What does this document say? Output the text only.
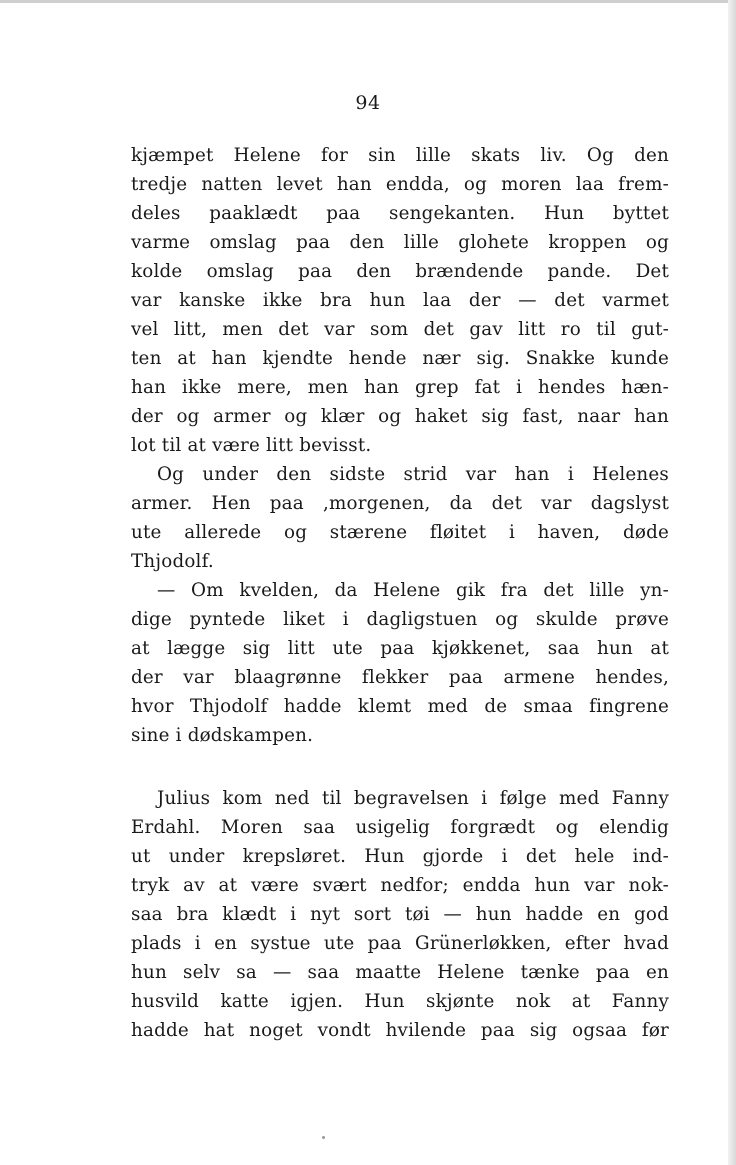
94

kjæmpet Helene for sin lille skats liv. Og den
tredje natten levet han endda, og moren laa frem-
deles paaklædt paa sengekanten. Hun byttet
varme omslag paa den lille glohete kroppen og
kolde omslag paa den brændende pande. Det
var kanske ikke bra hun laa der — det varmet
vel litt, men det var som det gav litt ro til gut-
ten at han kjendte hende nær sig. Snakke kunde
han ikke mere, men han grep fat i hendes hæn-
der og armer og klær og haket sig fast, naar han
lot til at være litt bevisst.

Og under den sidste strid var han i Helenes
armer. Hen paa ,morgenen, da det var dagslyst
ute allerede og stærene fløitet i haven, døde
Thjodolf.

— Om kvelden, da Helene gik fra det lille yn-
dige pyntede liket i dagligstuen og skulde prøve
at lægge sig litt ute paa kjøkkenet, saa hun at
der var blaagrønne flekker paa armene hendes,
hvor Thjodolf hadde klemt med de smaa fingrene
sine i dødskampen.

Julius kom ned til begravelsen i følge med Fanny
Erdahl. Moren saa usigelig forgrædt og elendig
ut under krepsløret. Hun gjorde i det hele ind-
tryk av at være svært nedfor; endda hun var nok-
saa bra klædt i nyt sort tøi — hun hadde en god
plads i en systue ute paa Grünerløkken, efter hvad
hun selv sa — saa maatte Helene tænke paa en
husvild katte igjen. Hun skjønte nok at Fanny
hadde hat noget vondt hvilende paa sig ogsaa før
